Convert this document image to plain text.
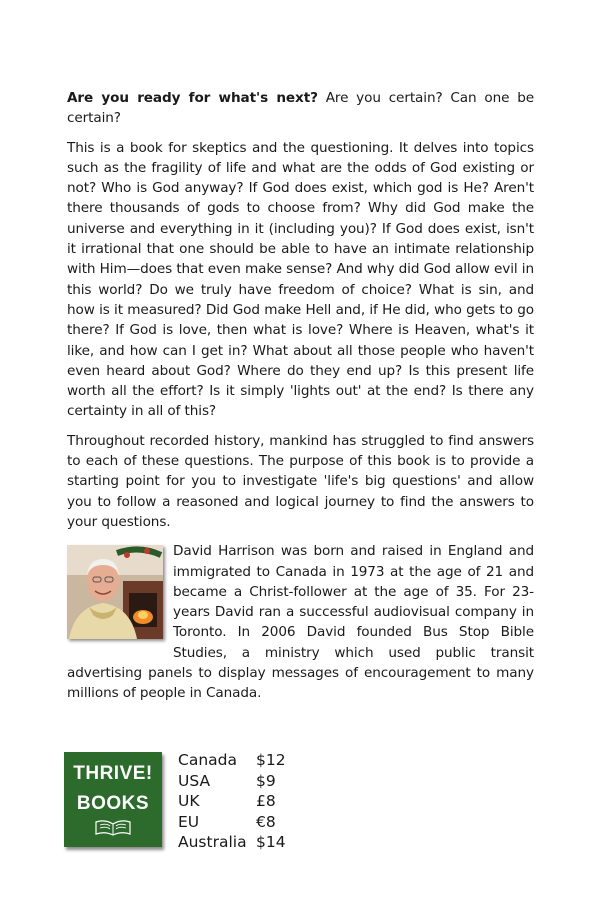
Are you ready for what's next? Are you certain? Can one be certain?

This is a book for skeptics and the questioning. It delves into topics such as the fragility of life and what are the odds of God existing or not? Who is God anyway? If God does exist, which god is He? Aren't there thousands of gods to choose from? Why did God make the universe and everything in it (including you)? If God does exist, isn't it irrational that one should be able to have an intimate relationship with Him—does that even make sense? And why did God allow evil in this world? Do we truly have freedom of choice? What is sin, and how is it measured? Did God make Hell and, if He did, who gets to go there? If God is love, then what is love? Where is Heaven, what's it like, and how can I get in? What about all those people who haven't even heard about God? Where do they end up? Is this present life worth all the effort? Is it simply 'lights out' at the end? Is there any certainty in all of this?

Throughout recorded history, mankind has struggled to find answers to each of these questions. The purpose of this book is to provide a starting point for you to investigate 'life's big questions' and allow you to follow a reasoned and logical journey to find the answers to your questions.

David Harrison was born and raised in England and immigrated to Canada in 1973 at the age of 21 and became a Christ-follower at the age of 35. For 23-years David ran a successful audiovisual company in Toronto. In 2006 David founded Bus Stop Bible Studies, a ministry which used public transit advertising panels to display messages of encouragement to many millions of people in Canada.

THRIVE!
BOOKS
Canada	$12
USA	$9
UK	£8
EU	€8
Australia $14
